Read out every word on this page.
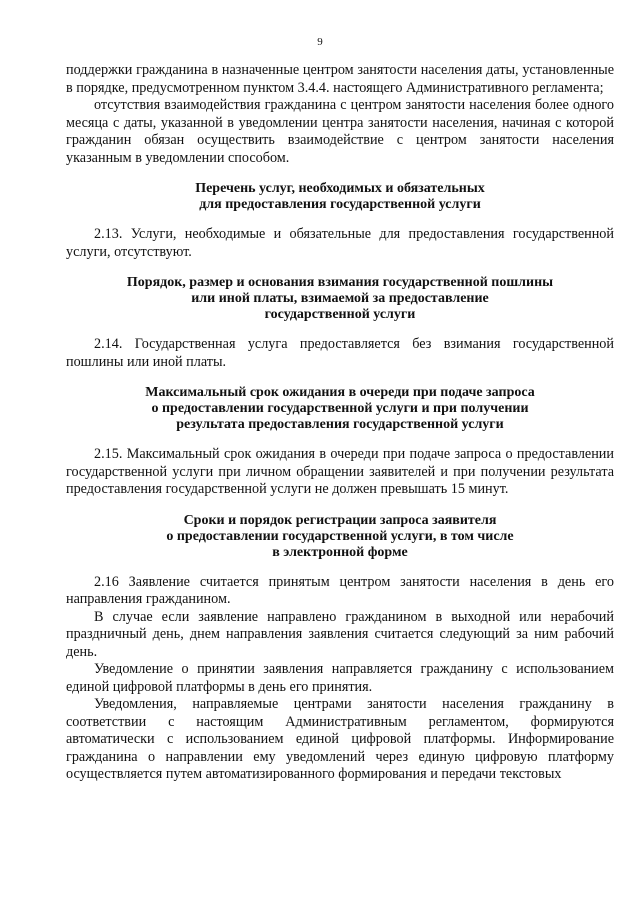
9

поддержки гражданина в назначенные центром занятости населения даты, установленные в порядке, предусмотренном пунктом 3.4.4. настоящего Административного регламента;

отсутствия взаимодействия гражданина с центром занятости населения более одного месяца с даты, указанной в уведомлении центра занятости населения, начиная с которой гражданин обязан осуществить взаимодействие с центром занятости населения указанным в уведомлении способом.

Перечень услуг, необходимых и обязательных
для предоставления государственной услуги

2.13. Услуги, необходимые и обязательные для предоставления государственной услуги, отсутствуют.

Порядок, размер и основания взимания государственной пошлины
или иной платы, взимаемой за предоставление
государственной услуги

2.14. Государственная услуга предоставляется без взимания государственной пошлины или иной платы.

Максимальный срок ожидания в очереди при подаче запроса
о предоставлении государственной услуги и при получении
результата предоставления государственной услуги

2.15. Максимальный срок ожидания в очереди при подаче запроса о предоставлении государственной услуги при личном обращении заявителей и при получении результата предоставления государственной услуги не должен превышать 15 минут.

Сроки и порядок регистрации запроса заявителя
о предоставлении государственной услуги, в том числе
в электронной форме

2.16 Заявление считается принятым центром занятости населения в день его направления гражданином.

В случае если заявление направлено гражданином в выходной или нерабочий праздничный день, днем направления заявления считается следующий за ним рабочий день.

Уведомление о принятии заявления направляется гражданину с использованием единой цифровой платформы в день его принятия.

Уведомления, направляемые центрами занятости населения гражданину в соответствии с настоящим Административным регламентом, формируются автоматически с использованием единой цифровой платформы. Информирование гражданина о направлении ему уведомлений через единую цифровую платформу осуществляется путем автоматизированного формирования и передачи текстовых
